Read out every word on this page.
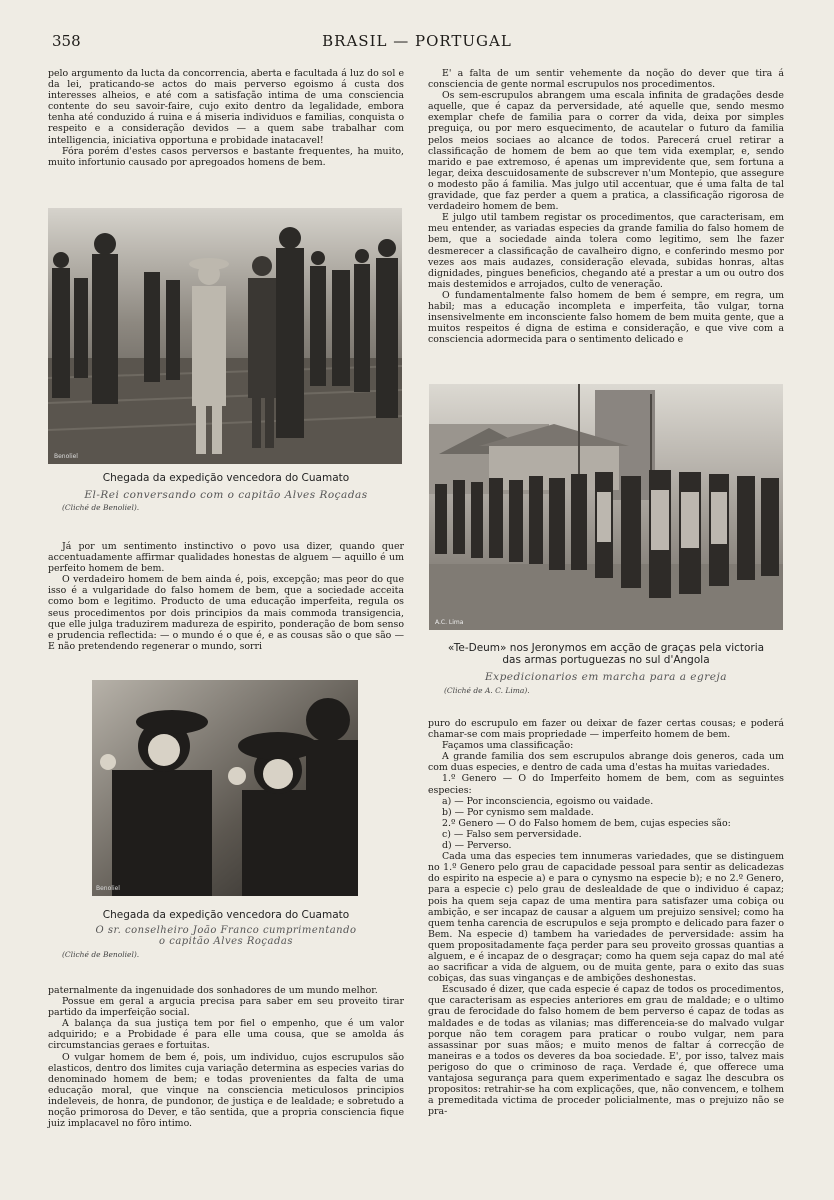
358	BRASIL — PORTUGAL

pelo argumento da lucta da concorrencia, aberta e facultada á luz do sol e da lei, praticando-se actos do mais perverso egoismo á custa dos interesses alheios, e até com a satisfação intima de uma consciencia contente do seu savoir-faire, cujo exito dentro da legalidade, embora tenha até conduzido á ruina e á miseria individuos e familias, conquista o respeito e a consideração devidos — a quem sabe trabalhar com intelligencia, iniciativa opportuna e probidade inatacavel!

Fóra porém d'estes casos perversos e bastante frequentes, ha muito, muito infortunio causado por apregoados homens de bem.

Benoliel
Chegada da expedição vencedora do Cuamato
El-Rei conversando com o capitão Alves Roçadas
(Cliché de Benoliel).

Já por um sentimento instinctivo o povo usa dizer, quando quer accentuadamente affirmar qualidades honestas de alguem — aquillo é um perfeito homem de bem.

O verdadeiro homem de bem ainda é, pois, excepção; mas peor do que isso é a vulgaridade do falso homem de bem, que a sociedade acceita como bom e legitimo. Producto de uma educação imperfeita, regula os seus procedimentos por dois principios da mais commoda transigencia, que elle julga traduzirem madureza de espirito, ponderação de bom senso e prudencia reflectida: — o mundo é o que é, e as cousas são o que são — E não pretendendo regenerar o mundo, sorri

Benoliel
Chegada da expedição vencedora do Cuamato
O sr. conselheiro João Franco cumprimentando
o capitão Alves Roçadas
(Cliché de Benoliel).

paternalmente da ingenuidade dos sonhadores de um mundo melhor.

Possue em geral a argucia precisa para saber em seu proveito tirar partido da imperfeição social.

A balança da sua justiça tem por fiel o empenho, que é um valor adquirido; e a Probidade é para elle uma cousa, que se amolda ás circumstancias geraes e fortuitas.

O vulgar homem de bem é, pois, um individuo, cujos escrupulos são elasticos, dentro dos limites cuja variação determina as especies varias do denominado homem de bem; e todas provenientes da falta de uma educação moral, que vinque na consciencia meticulosos principios indeleveis, de honra, de pundonor, de justiça e de lealdade; e sobretudo a noção primorosa do Dever, e tão sentida, que a propria consciencia fique juiz implacavel no fôro intimo.

E' a falta de um sentir vehemente da noção do dever que tira á consciencia de gente normal escrupulos nos procedimentos.

Os sem-escrupulos abrangem uma escala infinita de gradações desde aquelle, que é capaz da perversidade, até aquelle que, sendo mesmo exemplar chefe de familia para o correr da vida, deixa por simples preguiça, ou por mero esquecimento, de acautelar o futuro da familia pelos meios sociaes ao alcance de todos. Parecerá cruel retirar a classificação de homem de bem ao que tem vida exemplar, e, sendo marido e pae extremoso, é apenas um imprevidente que, sem fortuna a legar, deixa descuidosamente de subscrever n'um Montepio, que assegure o modesto pão á familia. Mas julgo util accentuar, que é uma falta de tal gravidade, que faz perder a quem a pratica, a classificação rigorosa de verdadeiro homem de bem.

E julgo util tambem registar os procedimentos, que caracterisam, em meu entender, as variadas especies da grande familia do falso homem de bem, que a sociedade ainda tolera como legitimo, sem lhe fazer desmerecer a classificação de cavalheiro digno, e conferindo mesmo por vezes aos mais audazes, consideração elevada, subidas honras, altas dignidades, pingues beneficios, chegando até a prestar a um ou outro dos mais destemidos e arrojados, culto de veneração.

O fundamentalmente falso homem de bem é sempre, em regra, um habil; mas a educação incompleta e imperfeita, tão vulgar, torna insensivelmente em inconsciente falso homem de bem muita gente, que a muitos respeitos é digna de estima e consideração, e que vive com a consciencia adormecida para o sentimento delicado e

A.C. Lima
«Te-Deum» nos Jeronymos em acção de graças pela victoria
das armas portuguezas no sul d'Angola
Expedicionarios em marcha para a egreja
(Cliché de A. C. Lima).

puro do escrupulo em fazer ou deixar de fazer certas cousas; e poderá chamar-se com mais propriedade — imperfeito homem de bem.

Façamos uma classificação:

A grande familia dos sem escrupulos abrange dois generos, cada um com duas especies, e dentro de cada uma d'estas ha muitas variedades.

1.º Genero — O do Imperfeito homem de bem, com as seguintes especies:

a) — Por inconsciencia, egoismo ou vaidade.

b) — Por cynismo sem maldade.

2.º Genero — O do Falso homem de bem, cujas especies são:

c) — Falso sem perversidade.

d) — Perverso.

Cada uma das especies tem innumeras variedades, que se distinguem no 1.º Genero pelo grau de capacidade pessoal para sentir as delicadezas do espirito na especie a) e para o cynysmo na especie b); e no 2.º Genero, para a especie c) pelo grau de deslealdade de que o individuo é capaz; pois ha quem seja capaz de uma mentira para satisfazer uma cobiça ou ambição, e ser incapaz de causar a alguem um prejuizo sensivel; como ha quem tenha carencia de escrupulos e seja prompto e delicado para fazer o Bem. Na especie d) tambem ha variedades de perversidade: assim ha quem propositadamente faça perder para seu proveito grossas quantias a alguem, e é incapaz de o desgraçar; como ha quem seja capaz do mal até ao sacrificar a vida de alguem, ou de muita gente, para o exito das suas cobiças, das suas vinganças e de ambições deshonestas.

Escusado é dizer, que cada especie é capaz de todos os procedimentos, que caracterisam as especies anteriores em grau de maldade; e o ultimo grau de ferocidade do falso homem de bem perverso é capaz de todas as maldades e de todas as vilanias; mas differenceia-se do malvado vulgar porque não tem coragem para praticar o roubo vulgar, nem para assassinar por suas mãos; e muito menos de faltar á correcção de maneiras e a todos os deveres da boa sociedade. E', por isso, talvez mais perigoso do que o criminoso de raça. Verdade é, que offerece uma vantajosa segurança para quem experimentado e sagaz lhe descubra os propositos: retrahir-se ha com explicações, que, não convencem, e tolhem a premeditada victima de proceder policialmente, mas o prejuizo não se pra-
